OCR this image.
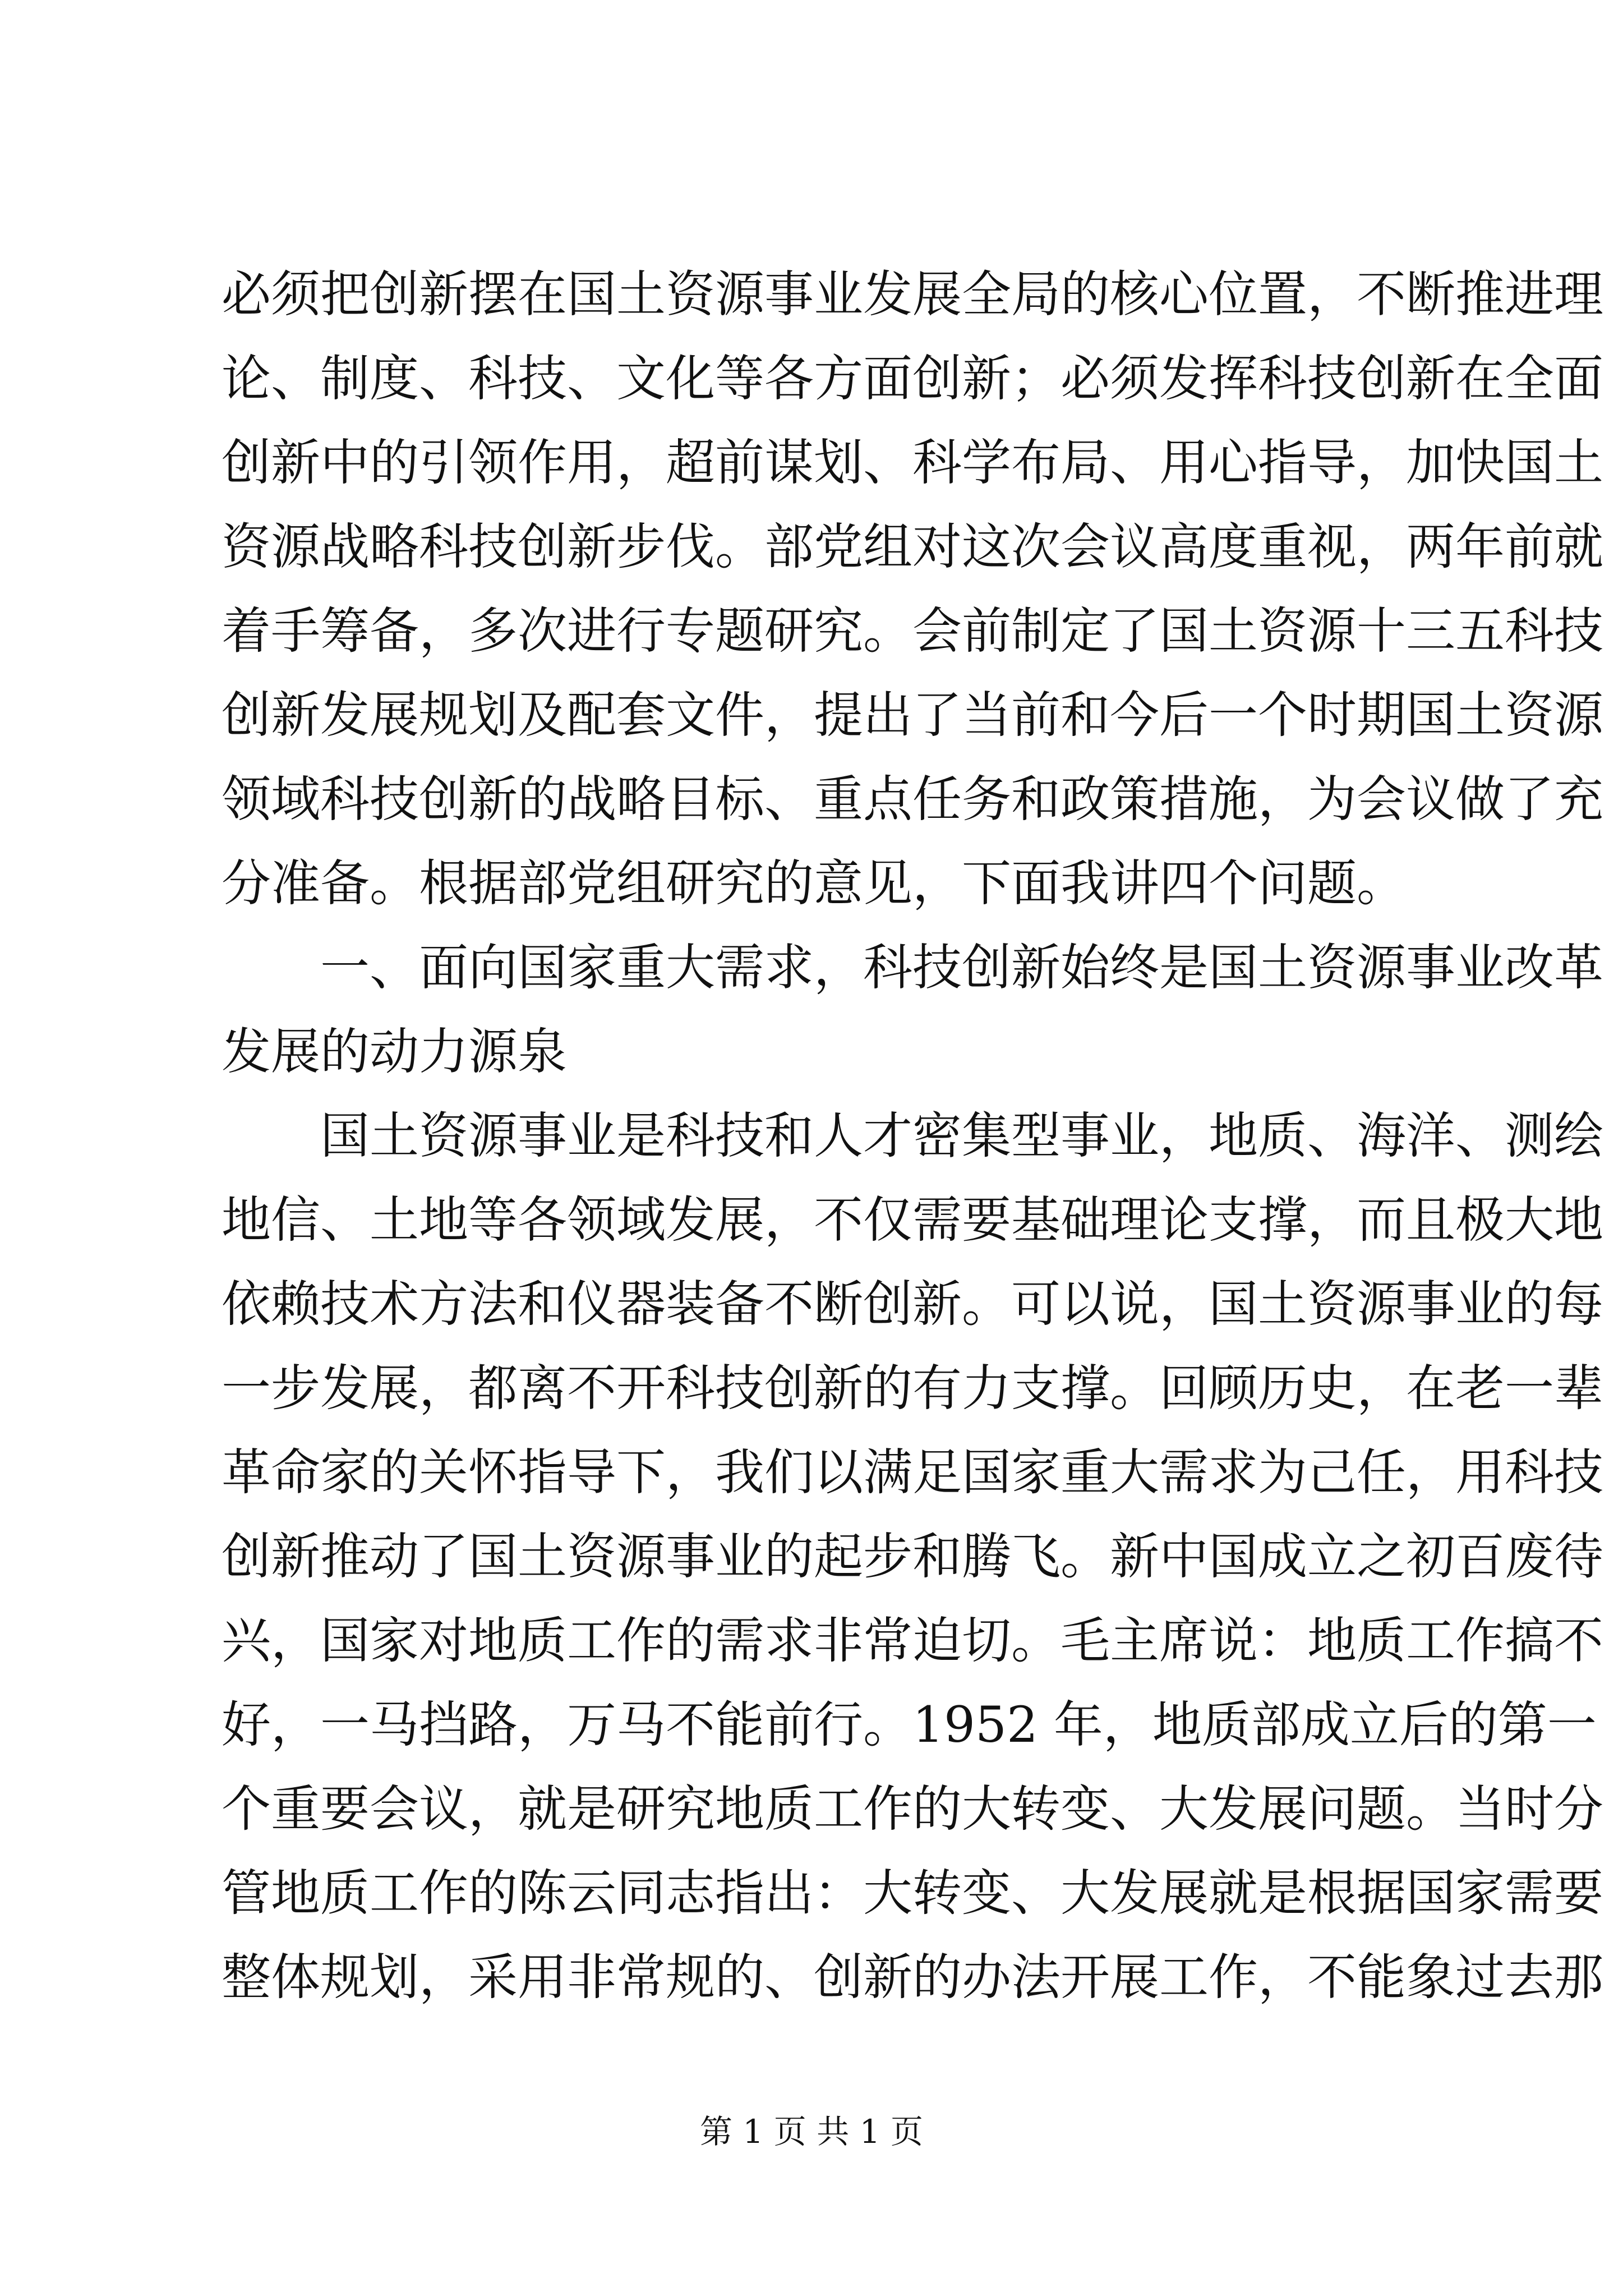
必须把创新摆在国土资源事业发展全局的核心位置，不断推进理
论、制度、科技、文化等各方面创新；必须发挥科技创新在全面
创新中的引领作用，超前谋划、科学布局、用心指导，加快国土
资源战略科技创新步伐。部党组对这次会议高度重视，两年前就
着手筹备，多次进行专题研究。会前制定了国土资源十三五科技
创新发展规划及配套文件，提出了当前和今后一个时期国土资源
领域科技创新的战略目标、重点任务和政策措施，为会议做了充
分准备。根据部党组研究的意见，下面我讲四个问题。
一、面向国家重大需求，科技创新始终是国土资源事业改革
发展的动力源泉
国土资源事业是科技和人才密集型事业，地质、海洋、测绘
地信、土地等各领域发展，不仅需要基础理论支撑，而且极大地
依赖技术方法和仪器装备不断创新。可以说，国土资源事业的每
一步发展，都离不开科技创新的有力支撑。回顾历史，在老一辈
革命家的关怀指导下，我们以满足国家重大需求为己任，用科技
创新推动了国土资源事业的起步和腾飞。新中国成立之初百废待
兴，国家对地质工作的需求非常迫切。毛主席说：地质工作搞不
好，一马挡路，万马不能前行。1952 年，地质部成立后的第一
个重要会议，就是研究地质工作的大转变、大发展问题。当时分
管地质工作的陈云同志指出：大转变、大发展就是根据国家需要
整体规划，采用非常规的、创新的办法开展工作，不能象过去那
第 1 页 共 1 页
